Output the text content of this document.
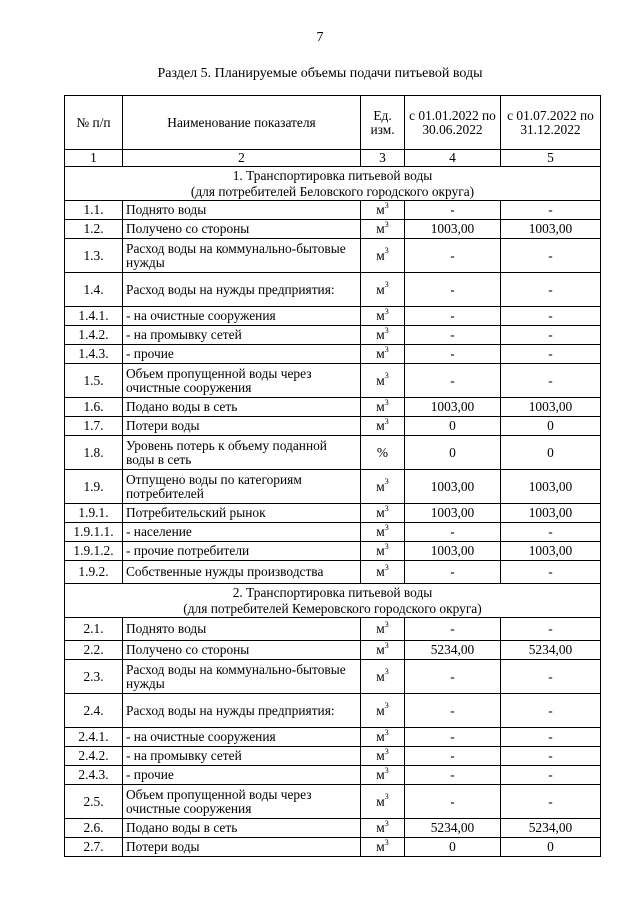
7
Раздел 5. Планируемые объемы подачи питьевой воды
№ п/п	Наименование показателя	Ед. изм.	с 01.01.2022 по 30.06.2022	с 01.07.2022 по 31.12.2022
1	2	3	4	5

1. Транспортировка питьевой воды
(для потребителей Беловского городского округа)				

1.1.	Поднято воды	$м^3$	-	-
1.2.	Получено со стороны	$м^3$	1003,00	1003,00
1.3.	Расход воды на коммунально-бытовые нужды	$м^3$	-	-
1.4.	Расход воды на нужды предприятия:	$м^3$	-	-
1.4.1.	- на очистные сооружения	$м^3$	-	-
1.4.2.	- на промывку сетей	$м^3$	-	-
1.4.3.	- прочие	$м^3$	-	-
1.5.	Объем пропущенной воды через очистные сооружения	$м^3$	-	-
1.6.	Подано воды в сеть	$м^3$	1003,00	1003,00
1.7.	Потери воды	$м^3$	0	0
1.8.	Уровень потерь к объему поданной воды в сеть	%	0	0
1.9.	Отпущено воды по категориям потребителей	$м^3$	1003,00	1003,00
1.9.1.	Потребительский рынок	$м^3$	1003,00	1003,00
1.9.1.1.	- население	$м^3$	-	-
1.9.1.2.	- прочие потребители	$м^3$	1003,00	1003,00
1.9.2.	Собственные нужды производства	$м^3$	-	-

2. Транспортировка питьевой воды
(для потребителей Кемеровского городского округа)				

2.1.	Поднято воды	$м^3$	-	-
2.2.	Получено со стороны	$м^3$	5234,00	5234,00
2.3.	Расход воды на коммунально-бытовые нужды	$м^3$	-	-
2.4.	Расход воды на нужды предприятия:	$м^3$	-	-
2.4.1.	- на очистные сооружения	$м^3$	-	-
2.4.2.	- на промывку сетей	$м^3$	-	-
2.4.3.	- прочие	$м^3$	-	-
2.5.	Объем пропущенной воды через очистные сооружения	$м^3$	-	-
2.6.	Подано воды в сеть	$м^3$	5234,00	5234,00
2.7.	Потери воды	$м^3$	0	0
